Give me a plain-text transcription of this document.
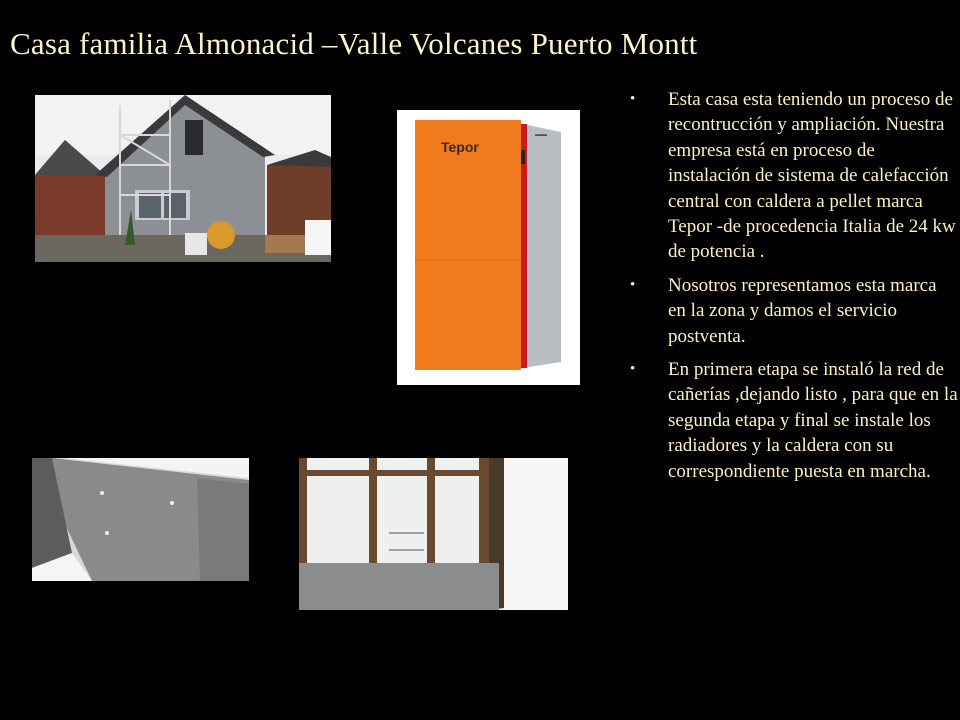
Casa familia Almonacid –Valle Volcanes Puerto Montt
Tepor
▬▬
• Esta casa esta teniendo un proceso de recontrucción y ampliación. Nuestra empresa está en proceso de instalación de sistema de calefacción central con caldera a pellet marca Tepor -de procedencia Italia de 24 kw de potencia .
• Nosotros representamos esta marca en la zona y damos el servicio postventa.
• En primera etapa se instaló la red de cañerías ,dejando listo , para que en la segunda etapa y final se instale los radiadores y la caldera con su correspondiente puesta en marcha.
